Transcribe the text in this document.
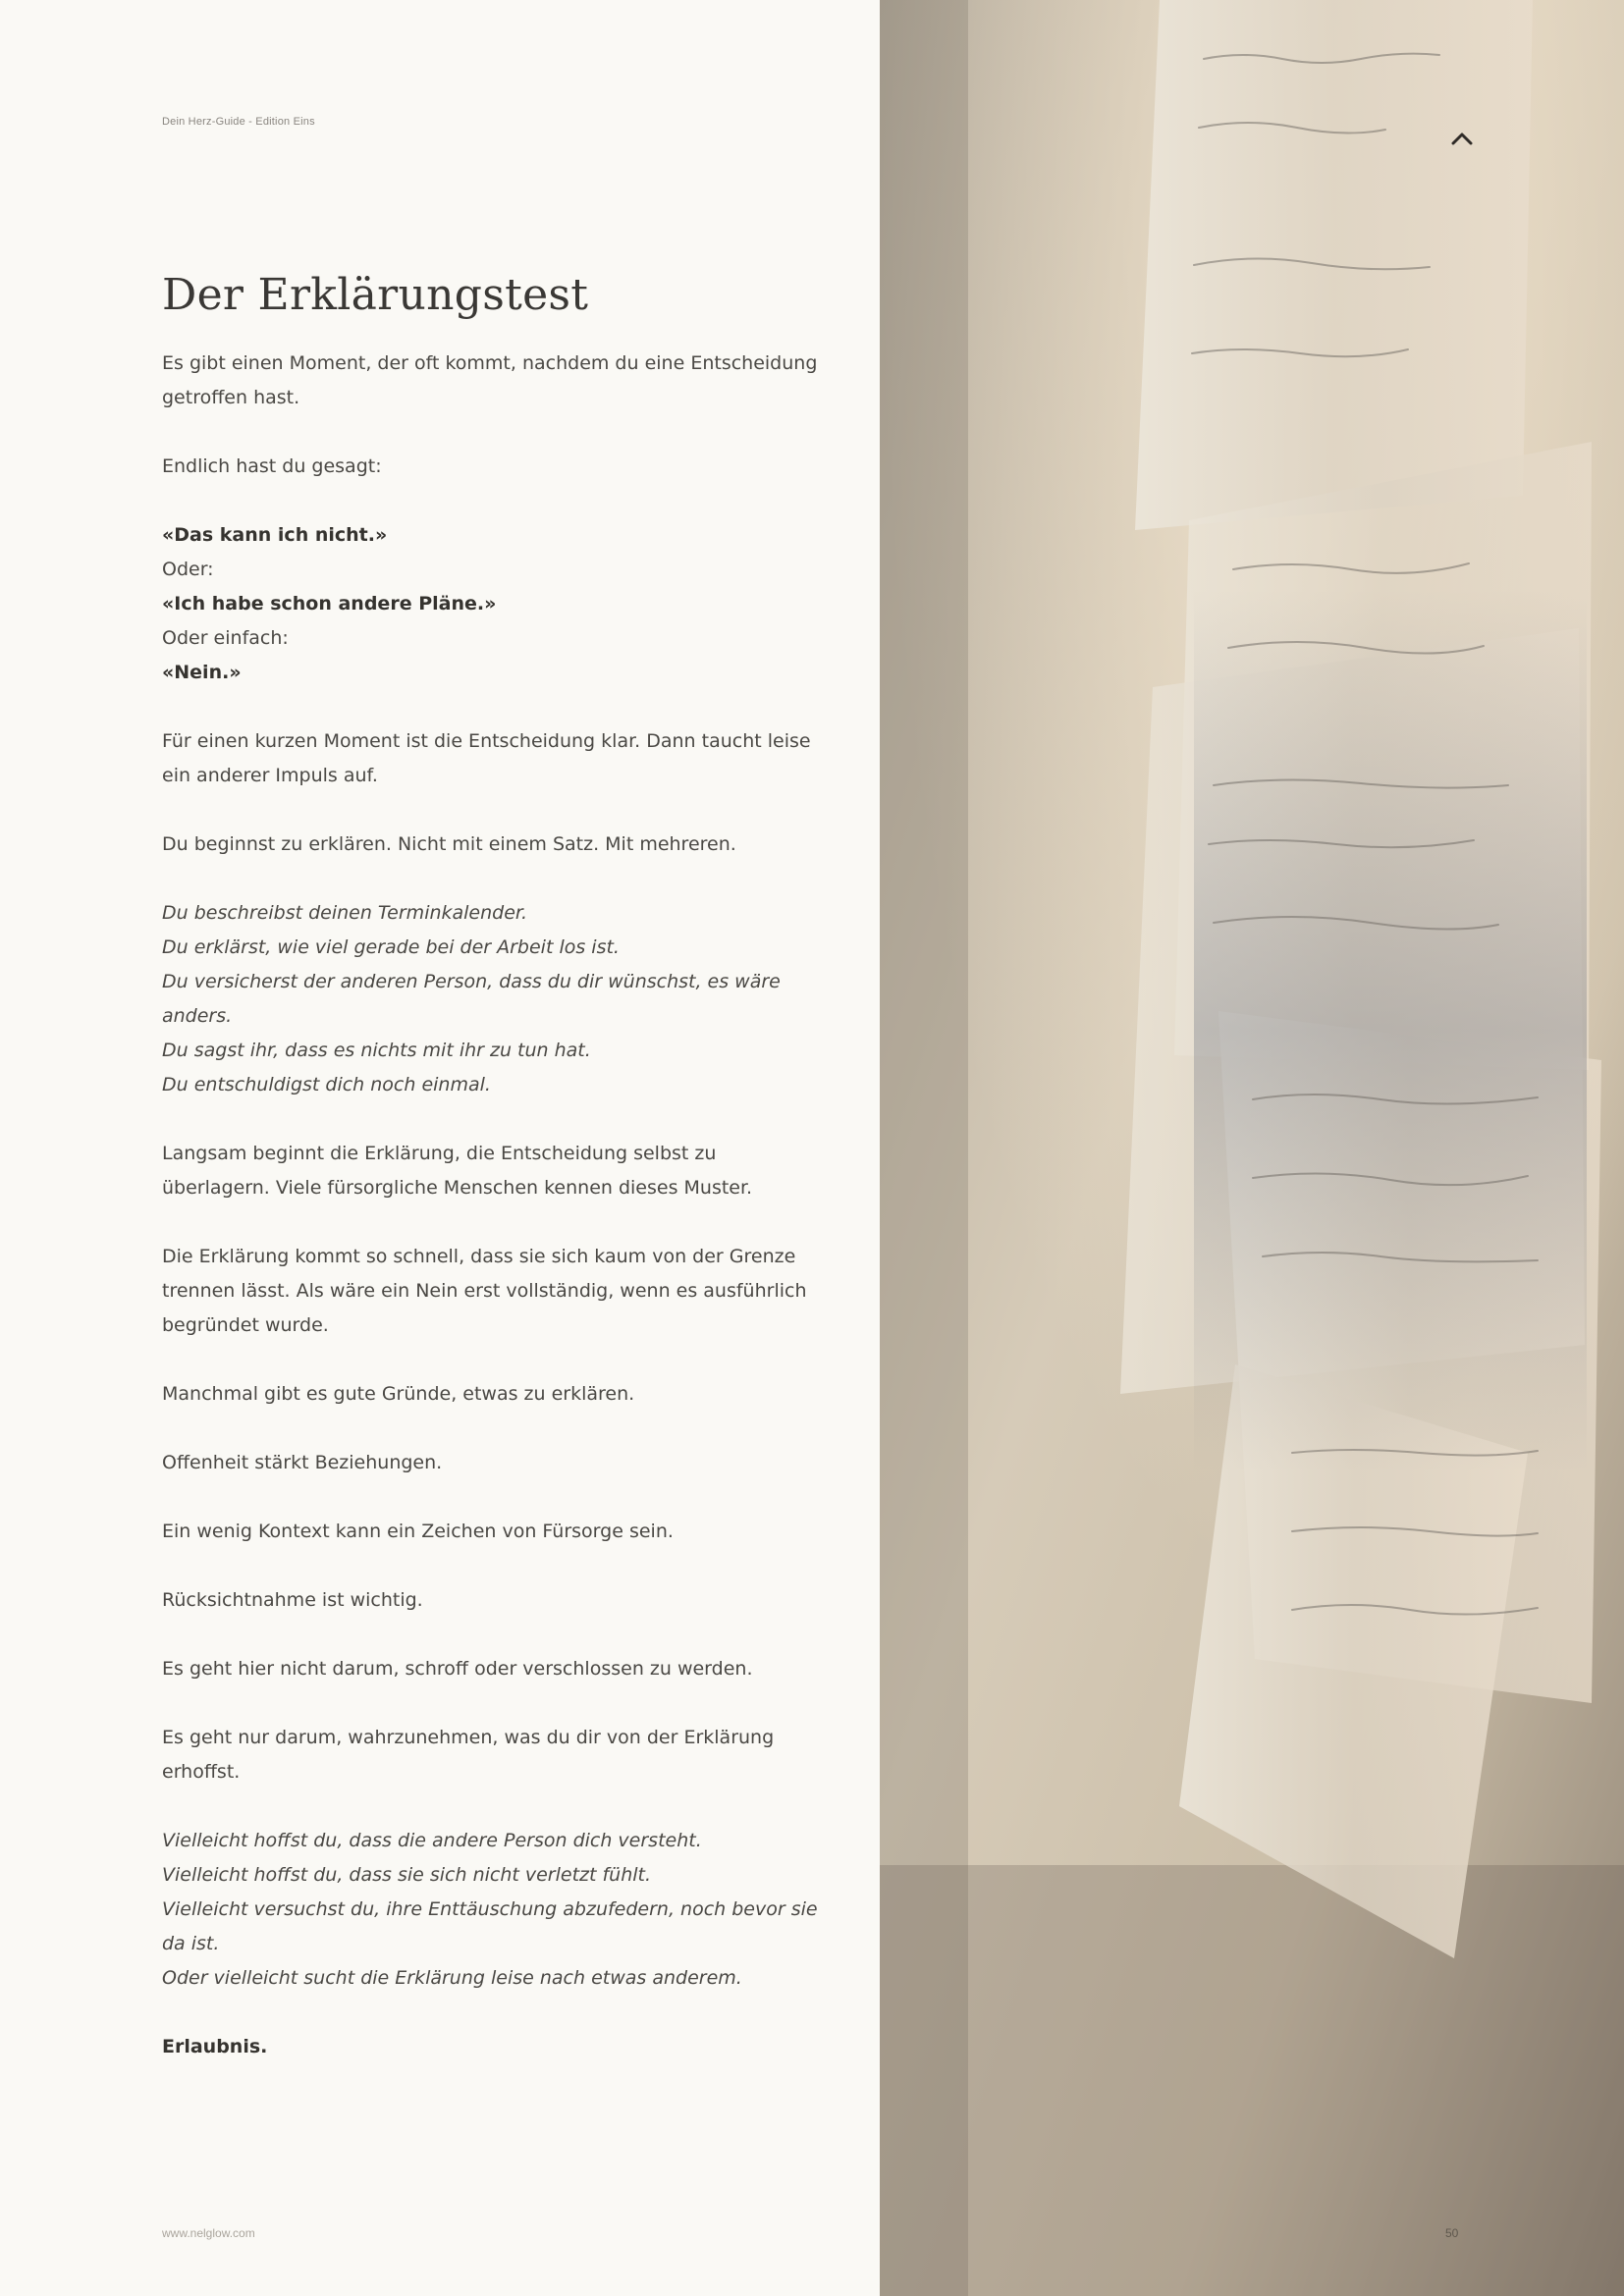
Dein Herz-Guide - Edition Eins
Der Erklärungstest

Es gibt einen Moment, der oft kommt, nachdem du eine Entscheidung getroffen hast.

Endlich hast du gesagt:

«Das kann ich nicht.»
Oder:
«Ich habe schon andere Pläne.»
Oder einfach:
«Nein.»

Für einen kurzen Moment ist die Entscheidung klar. Dann taucht leise ein anderer Impuls auf.

Du beginnst zu erklären. Nicht mit einem Satz. Mit mehreren.

Du beschreibst deinen Terminkalender.
Du erklärst, wie viel gerade bei der Arbeit los ist.
Du versicherst der anderen Person, dass du dir wünschst, es wäre anders.
Du sagst ihr, dass es nichts mit ihr zu tun hat.
Du entschuldigst dich noch einmal.

Langsam beginnt die Erklärung, die Entscheidung selbst zu überlagern. Viele fürsorgliche Menschen kennen dieses Muster.

Die Erklärung kommt so schnell, dass sie sich kaum von der Grenze trennen lässt. Als wäre ein Nein erst vollständig, wenn es ausführlich begründet wurde.

Manchmal gibt es gute Gründe, etwas zu erklären.

Offenheit stärkt Beziehungen.

Ein wenig Kontext kann ein Zeichen von Fürsorge sein.

Rücksichtnahme ist wichtig.

Es geht hier nicht darum, schroff oder verschlossen zu werden.

Es geht nur darum, wahrzunehmen, was du dir von der Erklärung erhoffst.

Vielleicht hoffst du, dass die andere Person dich versteht.
Vielleicht hoffst du, dass sie sich nicht verletzt fühlt.
Vielleicht versuchst du, ihre Enttäuschung abzufedern, noch bevor sie da ist.
Oder vielleicht sucht die Erklärung leise nach etwas anderem.

Erlaubnis.

www.nelglow.com	50
